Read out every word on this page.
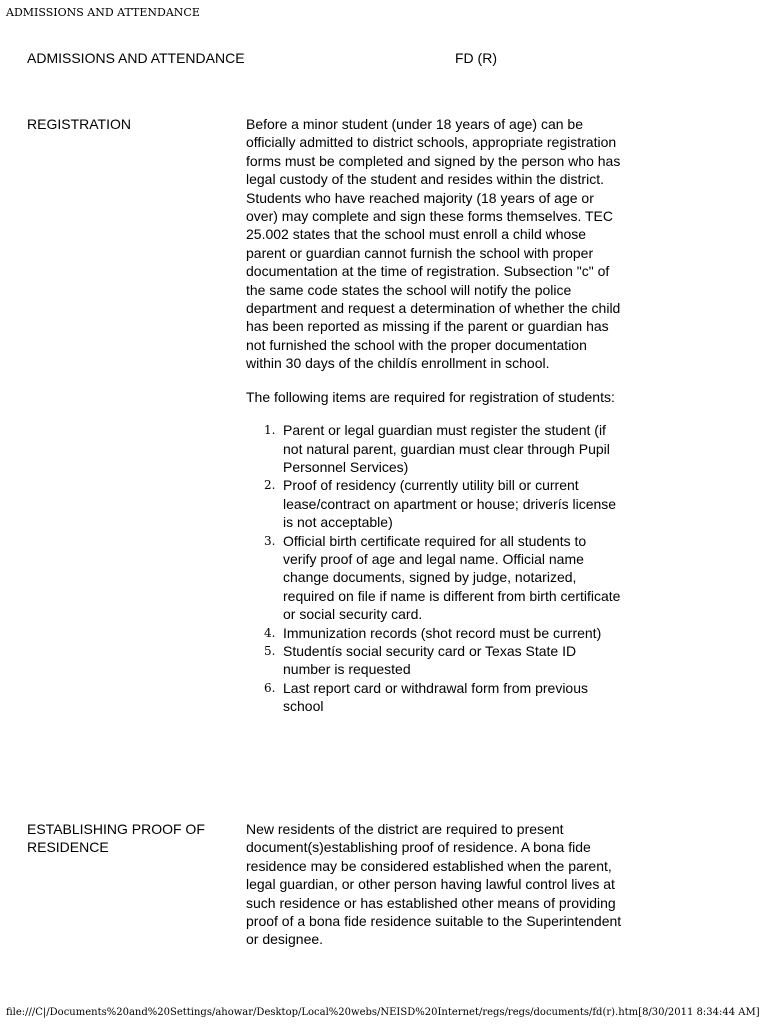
ADMISSIONS AND ATTENDANCE
ADMISSIONS AND ATTENDANCE	FD (R)
REGISTRATION	Before a minor student (under 18 years of age) can be officially admitted to district schools, appropriate registration forms must be completed and signed by the person who has legal custody of the student and resides within the district. Students who have reached majority (18 years of age or over) may complete and sign these forms themselves. TEC 25.002 states that the school must enroll a child whose parent or guardian cannot furnish the school with proper documentation at the time of registration. Subsection "c" of the same code states the school will notify the police department and request a determination of whether the child has been reported as missing if the parent or guardian has not furnished the school with the proper documentation within 30 days of the childís enrollment in school.

The following items are required for registration of students:

1. Parent or legal guardian must register the student (if not natural parent, guardian must clear through Pupil Personnel Services)
2. Proof of residency (currently utility bill or current lease/contract on apartment or house; driverís license is not acceptable)
3. Official birth certificate required for all students to verify proof of age and legal name. Official name change documents, signed by judge, notarized, required on file if name is different from birth certificate or social security card.
4. Immunization records (shot record must be current)
5. Studentís social security card or Texas State ID number is requested
6. Last report card or withdrawal form from previous school
ESTABLISHING PROOF OF RESIDENCE

New residents of the district are required to present document(s)establishing proof of residence. A bona fide residence may be considered established when the parent, legal guardian, or other person having lawful control lives at such residence or has established other means of providing proof of a bona fide residence suitable to the Superintendent or designee.

file:///C|/Documents%20and%20Settings/ahowar/Desktop/Local%20webs/NEISD%20Internet/regs/regs/documents/fd(r).htm[8/30/2011 8:34:44 AM]
